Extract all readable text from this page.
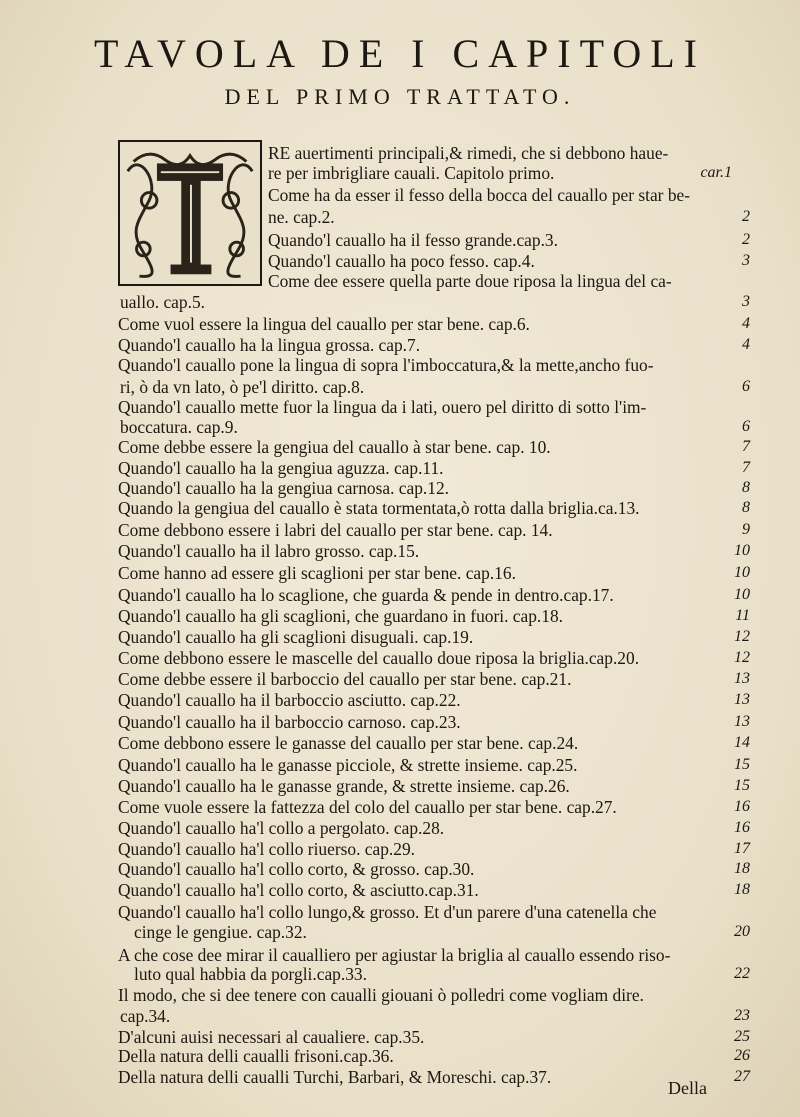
TAVOLA DE I CAPITOLI
DEL PRIMO TRATTATO.
RE auertimenti principali,& rimedi, che si debbono haue-
re per imbrigliare cauali. Capitolo primo.	car.1
Come ha da esser il fesso della bocca del cauallo per star be-
ne. cap.2.	2
Quando'l cauallo ha il fesso grande.cap.3.	2
Quando'l cauallo ha poco fesso. cap.4.	3
Come dee essere quella parte doue riposa la lingua del ca-
uallo. cap.5.	3
Come vuol essere la lingua del cauallo per star bene. cap.6.	4
Quando'l cauallo ha la lingua grossa. cap.7.	4
Quando'l cauallo pone la lingua di sopra l'imboccatura,& la mette,ancho fuo-
ri, ò da vn lato, ò pe'l diritto. cap.8.	6
Quando'l cauallo mette fuor la lingua da i lati, ouero pel diritto di sotto l'im-
boccatura. cap.9.	6
Come debbe essere la gengiua del cauallo à star bene. cap. 10.	7
Quando'l cauallo ha la gengiua aguzza. cap.11.	7
Quando'l cauallo ha la gengiua carnosa. cap.12.	8
Quando la gengiua del cauallo è stata tormentata,ò rotta dalla briglia.ca.13.	8
Come debbono essere i labri del cauallo per star bene. cap. 14.	9
Quando'l cauallo ha il labro grosso. cap.15.	10
Come hanno ad essere gli scaglioni per star bene. cap.16.	10
Quando'l cauallo ha lo scaglione, che guarda & pende in dentro.cap.17.	10
Quando'l cauallo ha gli scaglioni, che guardano in fuori. cap.18.	11
Quando'l cauallo ha gli scaglioni disuguali. cap.19.	12
Come debbono essere le mascelle del cauallo doue riposa la briglia.cap.20.	12
Come debbe essere il barboccio del cauallo per star bene. cap.21.	13
Quando'l cauallo ha il barboccio asciutto. cap.22.	13
Quando'l cauallo ha il barboccio carnoso. cap.23.	13
Come debbono essere le ganasse del cauallo per star bene. cap.24.	14
Quando'l cauallo ha le ganasse picciole, & strette insieme. cap.25.	15
Quando'l cauallo ha le ganasse grande, & strette insieme. cap.26.	15
Come vuole essere la fattezza del colo del cauallo per star bene. cap.27.	16
Quando'l cauallo ha'l collo a pergolato. cap.28.	16
Quando'l cauallo ha'l collo riuerso. cap.29.	17
Quando'l cauallo ha'l collo corto, & grosso. cap.30.	18
Quando'l cauallo ha'l collo corto, & asciutto.cap.31.	18
Quando'l cauallo ha'l collo lungo,& grosso. Et d'un parere d'una catenella che
cinge le gengiue. cap.32.	20
A che cose dee mirar il caualliero per agiustar la briglia al cauallo essendo riso-
luto qual habbia da porgli.cap.33.	22
Il modo, che si dee tenere con caualli giouani ò polledri come vogliam dire.
cap.34.	23
D'alcuni auisi necessari al caualiere. cap.35.	25
Della natura delli caualli frisoni.cap.36.	26
Della natura delli caualli Turchi, Barbari, & Moreschi. cap.37.	27
Della
